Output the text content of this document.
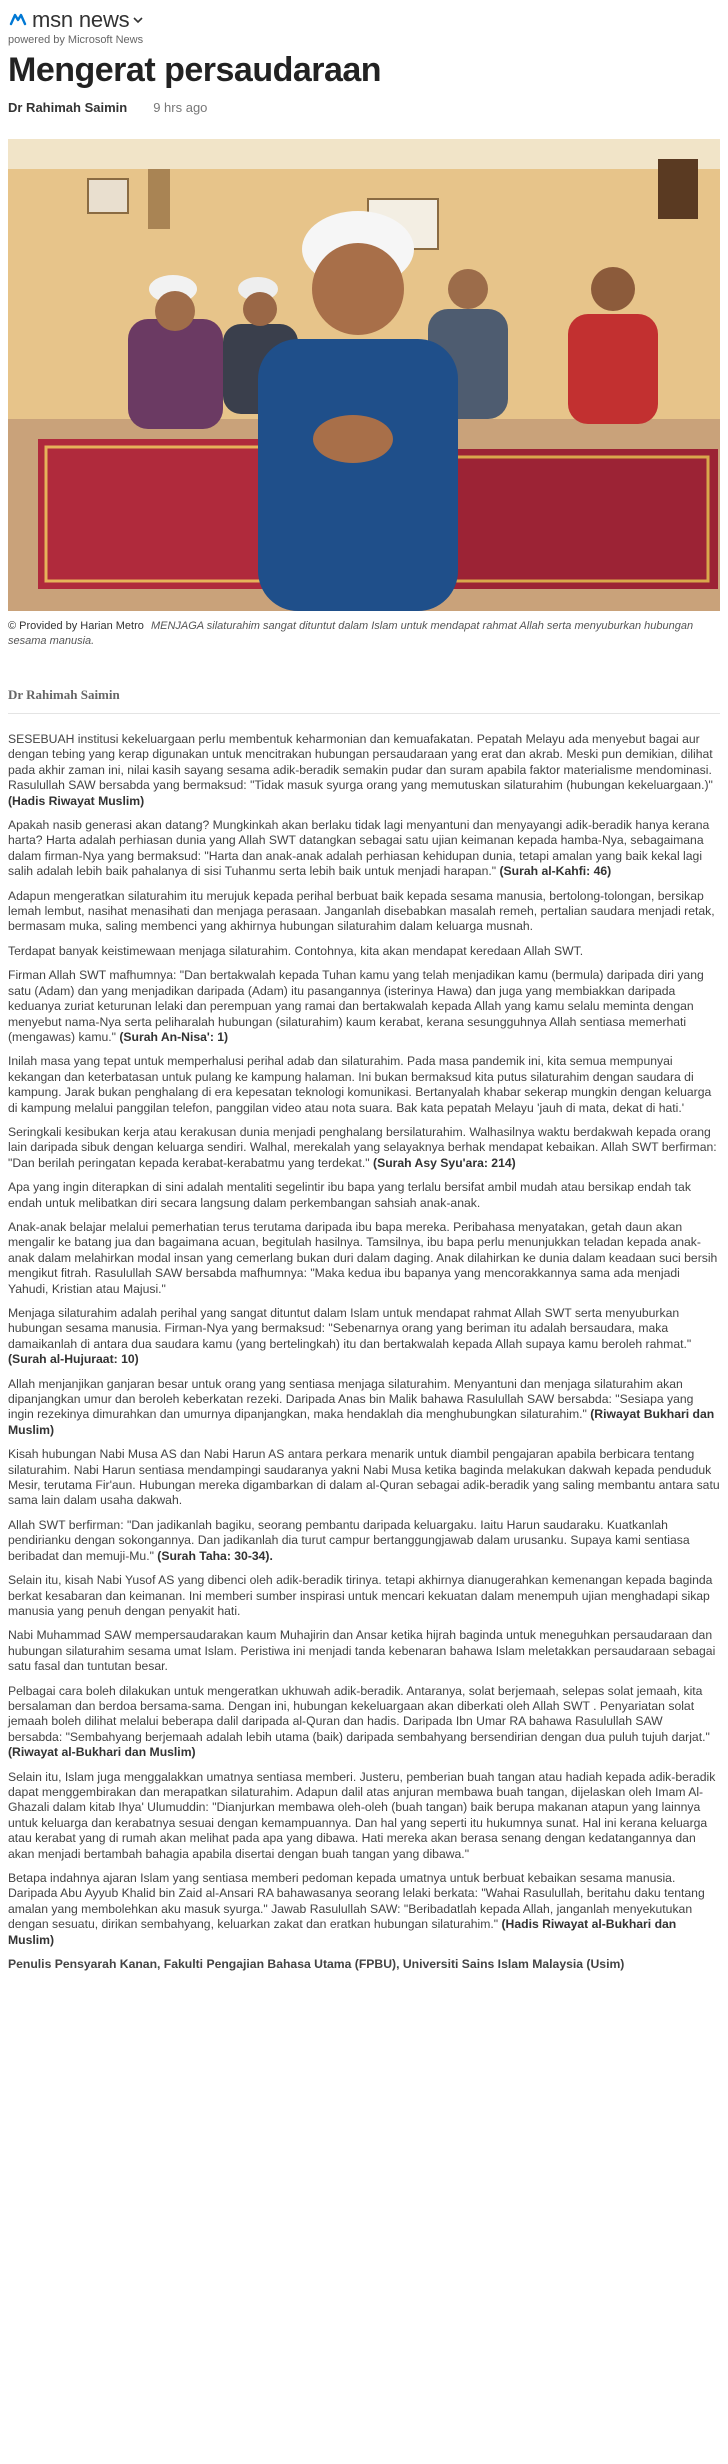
msn news
powered by Microsoft News
Mengerat persaudaraan
Dr Rahimah Saimin 9 hrs ago
© Provided by Harian Metro MENJAGA silaturahim sangat dituntut dalam Islam untuk mendapat rahmat Allah serta menyuburkan hubungan sesama manusia.
Dr Rahimah Saimin

SESEBUAH institusi kekeluargaan perlu membentuk keharmonian dan kemuafakatan. Pepatah Melayu ada menyebut bagai aur dengan tebing yang kerap digunakan untuk mencitrakan hubungan persaudaraan yang erat dan akrab. Meski pun demikian, dilihat pada akhir zaman ini, nilai kasih sayang sesama adik-beradik semakin pudar dan suram apabila faktor materialisme mendominasi. Rasulullah SAW bersabda yang bermaksud: "Tidak masuk syurga orang yang memutuskan silaturahim (hubungan kekeluargaan.)" (Hadis Riwayat Muslim)

Apakah nasib generasi akan datang? Mungkinkah akan berlaku tidak lagi menyantuni dan menyayangi adik-beradik hanya kerana harta? Harta adalah perhiasan dunia yang Allah SWT datangkan sebagai satu ujian keimanan kepada hamba-Nya, sebagaimana dalam firman-Nya yang bermaksud: "Harta dan anak-anak adalah perhiasan kehidupan dunia, tetapi amalan yang baik kekal lagi salih adalah lebih baik pahalanya di sisi Tuhanmu serta lebih baik untuk menjadi harapan." (Surah al-Kahfi: 46)

Adapun mengeratkan silaturahim itu merujuk kepada perihal berbuat baik kepada sesama manusia, bertolong-tolongan, bersikap lemah lembut, nasihat menasihati dan menjaga perasaan. Janganlah disebabkan masalah remeh, pertalian saudara menjadi retak, bermasam muka, saling membenci yang akhirnya hubungan silaturahim dalam keluarga musnah.

Terdapat banyak keistimewaan menjaga silaturahim. Contohnya, kita akan mendapat keredaan Allah SWT.

Firman Allah SWT mafhumnya: "Dan bertakwalah kepada Tuhan kamu yang telah menjadikan kamu (bermula) daripada diri yang satu (Adam) dan yang menjadikan daripada (Adam) itu pasangannya (isterinya Hawa) dan juga yang membiakkan daripada keduanya zuriat keturunan lelaki dan perempuan yang ramai dan bertakwalah kepada Allah yang kamu selalu meminta dengan menyebut nama-Nya serta peliharalah hubungan (silaturahim) kaum kerabat, kerana sesungguhnya Allah sentiasa memerhati (mengawas) kamu." (Surah An-Nisa': 1)

Inilah masa yang tepat untuk memperhalusi perihal adab dan silaturahim. Pada masa pandemik ini, kita semua mempunyai kekangan dan keterbatasan untuk pulang ke kampung halaman. Ini bukan bermaksud kita putus silaturahim dengan saudara di kampung. Jarak bukan penghalang di era kepesatan teknologi komunikasi. Bertanyalah khabar sekerap mungkin dengan keluarga di kampung melalui panggilan telefon, panggilan video atau nota suara. Bak kata pepatah Melayu 'jauh di mata, dekat di hati.'

Seringkali kesibukan kerja atau kerakusan dunia menjadi penghalang bersilaturahim. Walhasilnya waktu berdakwah kepada orang lain daripada sibuk dengan keluarga sendiri. Walhal, merekalah yang selayaknya berhak mendapat kebaikan. Allah SWT berfirman: "Dan berilah peringatan kepada kerabat-kerabatmu yang terdekat." (Surah Asy Syu'ara: 214)

Apa yang ingin diterapkan di sini adalah mentaliti segelintir ibu bapa yang terlalu bersifat ambil mudah atau bersikap endah tak endah untuk melibatkan diri secara langsung dalam perkembangan sahsiah anak-anak.

Anak-anak belajar melalui pemerhatian terus terutama daripada ibu bapa mereka. Peribahasa menyatakan, getah daun akan mengalir ke batang jua dan bagaimana acuan, begitulah hasilnya. Tamsilnya, ibu bapa perlu menunjukkan teladan kepada anak-anak dalam melahirkan modal insan yang cemerlang bukan duri dalam daging. Anak dilahirkan ke dunia dalam keadaan suci bersih mengikut fitrah. Rasulullah SAW bersabda mafhumnya: "Maka kedua ibu bapanya yang mencorakkannya sama ada menjadi Yahudi, Kristian atau Majusi."

Menjaga silaturahim adalah perihal yang sangat dituntut dalam Islam untuk mendapat rahmat Allah SWT serta menyuburkan hubungan sesama manusia. Firman-Nya yang bermaksud: "Sebenarnya orang yang beriman itu adalah bersaudara, maka damaikanlah di antara dua saudara kamu (yang bertelingkah) itu dan bertakwalah kepada Allah supaya kamu beroleh rahmat." (Surah al-Hujuraat: 10)

Allah menjanjikan ganjaran besar untuk orang yang sentiasa menjaga silaturahim. Menyantuni dan menjaga silaturahim akan dipanjangkan umur dan beroleh keberkatan rezeki. Daripada Anas bin Malik bahawa Rasulullah SAW bersabda: "Sesiapa yang ingin rezekinya dimurahkan dan umurnya dipanjangkan, maka hendaklah dia menghubungkan silaturahim." (Riwayat Bukhari dan Muslim)

Kisah hubungan Nabi Musa AS dan Nabi Harun AS antara perkara menarik untuk diambil pengajaran apabila berbicara tentang silaturahim. Nabi Harun sentiasa mendampingi saudaranya yakni Nabi Musa ketika baginda melakukan dakwah kepada penduduk Mesir, terutama Fir'aun. Hubungan mereka digambarkan di dalam al-Quran sebagai adik-beradik yang saling membantu antara satu sama lain dalam usaha dakwah.

Allah SWT berfirman: "Dan jadikanlah bagiku, seorang pembantu daripada keluargaku. Iaitu Harun saudaraku. Kuatkanlah pendirianku dengan sokongannya. Dan jadikanlah dia turut campur bertanggungjawab dalam urusanku. Supaya kami sentiasa beribadat dan memuji-Mu." (Surah Taha: 30-34).

Selain itu, kisah Nabi Yusof AS yang dibenci oleh adik-beradik tirinya. tetapi akhirnya dianugerahkan kemenangan kepada baginda berkat kesabaran dan keimanan. Ini memberi sumber inspirasi untuk mencari kekuatan dalam menempuh ujian menghadapi sikap manusia yang penuh dengan penyakit hati.

Nabi Muhammad SAW mempersaudarakan kaum Muhajirin dan Ansar ketika hijrah baginda untuk meneguhkan persaudaraan dan hubungan silaturahim sesama umat Islam. Peristiwa ini menjadi tanda kebenaran bahawa Islam meletakkan persaudaraan sebagai satu fasal dan tuntutan besar.

Pelbagai cara boleh dilakukan untuk mengeratkan ukhuwah adik-beradik. Antaranya, solat berjemaah, selepas solat jemaah, kita bersalaman dan berdoa bersama-sama. Dengan ini, hubungan kekeluargaan akan diberkati oleh Allah SWT . Penyariatan solat jemaah boleh dilihat melalui beberapa dalil daripada al-Quran dan hadis. Daripada Ibn Umar RA bahawa Rasulullah SAW bersabda: "Sembahyang berjemaah adalah lebih utama (baik) daripada sembahyang bersendirian dengan dua puluh tujuh darjat." (Riwayat al-Bukhari dan Muslim)

Selain itu, Islam juga menggalakkan umatnya sentiasa memberi. Justeru, pemberian buah tangan atau hadiah kepada adik-beradik dapat menggembirakan dan merapatkan silaturahim. Adapun dalil atas anjuran membawa buah tangan, dijelaskan oleh Imam Al-Ghazali dalam kitab Ihya' Ulumuddin: "Dianjurkan membawa oleh-oleh (buah tangan) baik berupa makanan atapun yang lainnya untuk keluarga dan kerabatnya sesuai dengan kemampuannya. Dan hal yang seperti itu hukumnya sunat. Hal ini kerana keluarga atau kerabat yang di rumah akan melihat pada apa yang dibawa. Hati mereka akan berasa senang dengan kedatangannya dan akan menjadi bertambah bahagia apabila disertai dengan buah tangan yang dibawa."

Betapa indahnya ajaran Islam yang sentiasa memberi pedoman kepada umatnya untuk berbuat kebaikan sesama manusia. Daripada Abu Ayyub Khalid bin Zaid al-Ansari RA bahawasanya seorang lelaki berkata: "Wahai Rasulullah, beritahu daku tentang amalan yang membolehkan aku masuk syurga." Jawab Rasulullah SAW: "Beribadatlah kepada Allah, janganlah menyekutukan dengan sesuatu, dirikan sembahyang, keluarkan zakat dan eratkan hubungan silaturahim." (Hadis Riwayat al-Bukhari dan Muslim)

Penulis Pensyarah Kanan, Fakulti Pengajian Bahasa Utama (FPBU), Universiti Sains Islam Malaysia (Usim)
